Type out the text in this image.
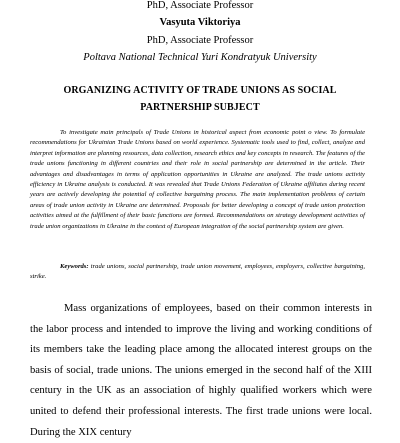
PhD, Associate Professor
Vasyuta Viktoriya
PhD, Associate Professor
Poltava National Technical Yuri Kondratyuk University
ORGANIZING ACTIVITY OF TRADE UNIONS AS SOCIAL PARTNERSHIP SUBJECT
To investigate main principals of Trade Unions in historical aspect from economic point o view. To formulate recommendations for Ukrainian Trade Unions based on world experience. Systematic tools used to find, collect, analyze and interpret information are planning resources, data collection, research ethics and key concepts in research. The features of the trade unions functioning in different countries and their role in social partnership are determined in the article. Their advantages and disadvantages in terms of application opportunities in Ukraine are analyzed. The trade unions activity efficiency in Ukraine analysis is conducted. It was revealed that Trade Unions Federation of Ukraine affiliates during recent years are actively developing the potential of collective bargaining process. The main implementation problems of certain areas of trade union activity in Ukraine are determined. Proposals for better developing a concept of trade union protection activities aimed at the fulfillment of their basic functions are formed. Recommendations on strategy development activities of trade union organizations in Ukraine in the context of European integration of the social partnership system are given.
Keywords: trade unions, social partnership, trade union movement, employees, employers, collective bargaining, strike.
Mass organizations of employees, based on their common interests in the labor process and intended to improve the living and working conditions of its members take the leading place among the allocated interest groups on the basis of social, trade unions. The unions emerged in the second half of the XIII century in the UK as an association of highly qualified workers which were united to defend their professional interests. The first trade unions were local. During the XIX century
